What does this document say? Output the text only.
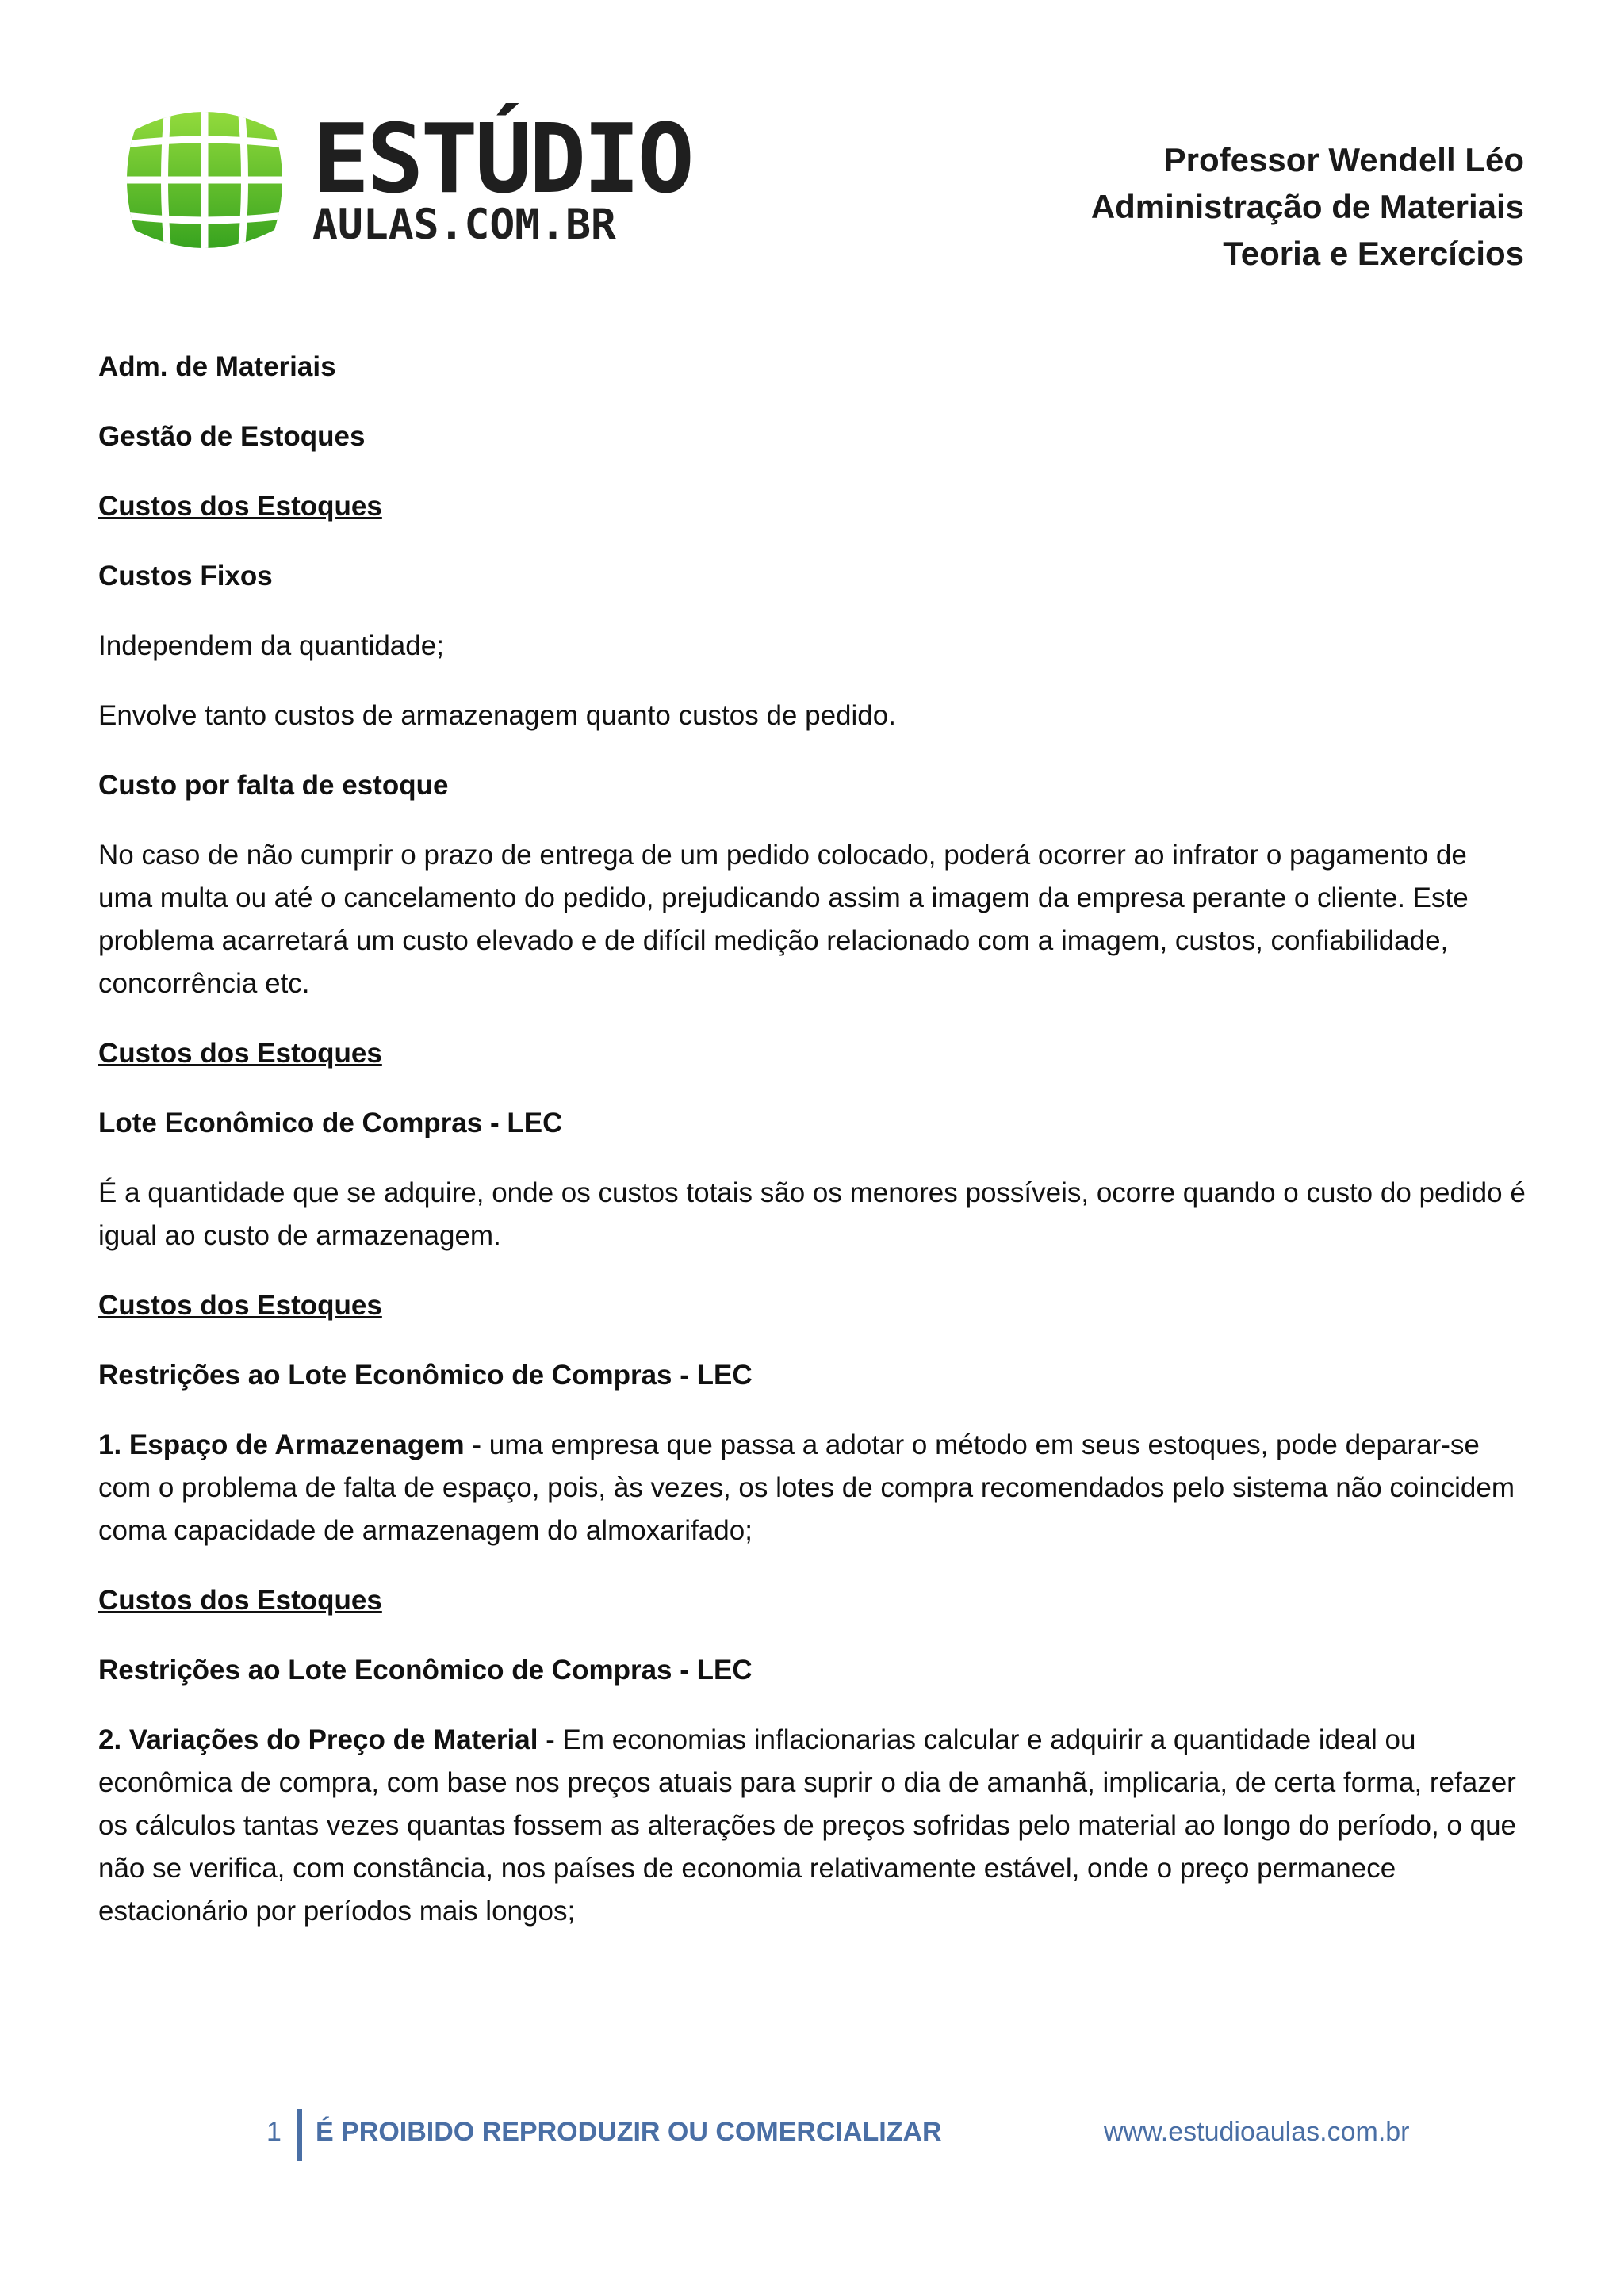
ESTÚDIO
AULAS.COM.BR
Professor Wendell Léo
Administração de Materiais
Teoria e Exercícios

Adm. de Materiais

Gestão de Estoques

Custos dos Estoques

Custos Fixos

Independem da quantidade;

Envolve tanto custos de armazenagem quanto custos de pedido.

Custo por falta de estoque

No caso de não cumprir o prazo de entrega de um pedido colocado, poderá ocorrer ao infrator o pagamento de uma multa ou até o cancelamento do pedido, prejudicando assim a imagem da empresa perante o cliente. Este problema acarretará um custo elevado e de difícil medição relacionado com a imagem, custos, confiabilidade, concorrência etc.

Custos dos Estoques

Lote Econômico de Compras - LEC

É a quantidade que se adquire, onde os custos totais são os menores possíveis, ocorre quando o custo do pedido é igual ao custo de armazenagem.

Custos dos Estoques

Restrições ao Lote Econômico de Compras - LEC

1. Espaço de Armazenagem - uma empresa que passa a adotar o método em seus estoques, pode deparar-se com o problema de falta de espaço, pois, às vezes, os lotes de compra recomendados pelo sistema não coincidem coma capacidade de armazenagem do almoxarifado;

Custos dos Estoques

Restrições ao Lote Econômico de Compras - LEC

2. Variações do Preço de Material - Em economias inflacionarias calcular e adquirir a quantidade ideal ou econômica de compra, com base nos preços atuais para suprir o dia de amanhã, implicaria, de certa forma, refazer os cálculos tantas vezes quantas fossem as alterações de preços sofridas pelo material ao longo do período, o que não se verifica, com constância, nos países de economia relativamente estável, onde o preço permanece estacionário por períodos mais longos;

1 É PROIBIDO REPRODUZIR OU COMERCIALIZAR	www.estudioaulas.com.br
